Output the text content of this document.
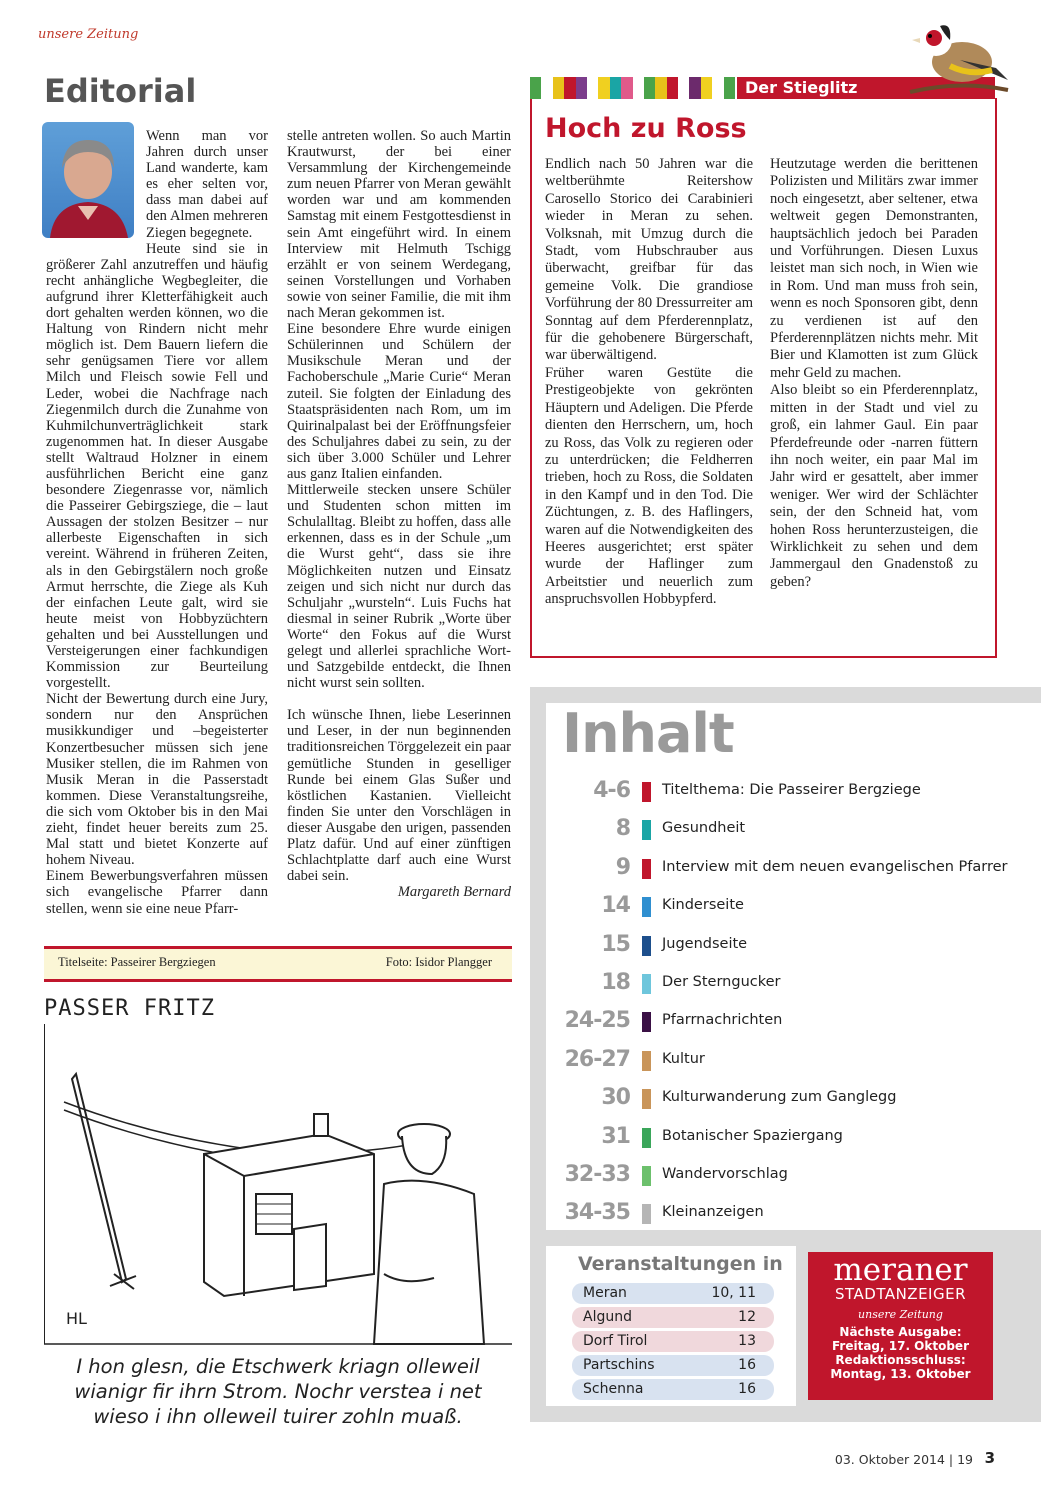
unsere Zeitung
Editorial

Wenn man vor Jahren durch unser Land wanderte, kam es eher selten vor, dass man dabei auf den Almen mehreren Ziegen begegnete.

Heute sind sie in größerer Zahl anzutreffen und häufig recht anhängliche Wegbegleiter, die aufgrund ihrer Kletterfähigkeit auch dort gehalten werden können, wo die Haltung von Rindern nicht mehr möglich ist. Dem Bauern liefern die sehr genügsamen Tiere vor allem Milch und Fleisch sowie Fell und Leder, wobei die Nachfrage nach Ziegenmilch durch die Zunahme von Kuhmilchunverträglichkeit stark zugenommen hat. In dieser Ausgabe stellt Waltraud Holzner in einem ausführlichen Bericht eine ganz besondere Ziegenrasse vor, nämlich die Passeirer Gebirgsziege, die – laut Aussagen der stolzen Besitzer – nur allerbeste Eigenschaften in sich vereint. Während in früheren Zeiten, als in den Gebirgstälern noch große Armut herrschte, die Ziege als Kuh der einfachen Leute galt, wird sie heute meist von Hobbyzüchtern gehalten und bei Ausstellungen und Versteigerungen einer fachkundigen Kommission zur Beurteilung vorgestellt.

Nicht der Bewertung durch eine Jury, sondern nur den Ansprüchen musikkundiger und –begeisterter Konzertbesucher müssen sich jene Musiker stellen, die im Rahmen von Musik Meran in die Passerstadt kommen. Diese Veranstaltungsreihe, die sich vom Oktober bis in den Mai zieht, findet heuer bereits zum 25. Mal statt und bietet Konzerte auf hohem Niveau.

Einem Bewerbungsverfahren müssen sich evangelische Pfarrer dann stellen, wenn sie eine neue Pfarr-

stelle antreten wollen. So auch Martin Krautwurst, der bei einer Versammlung der Kirchengemeinde zum neuen Pfarrer von Meran gewählt worden war und am kommenden Samstag mit einem Festgottesdienst in sein Amt eingeführt wird. In einem Interview mit Helmuth Tschigg erzählt er von seinem Werdegang, seinen Vorstellungen und Vorhaben sowie von seiner Familie, die mit ihm nach Meran gekommen ist.

Eine besondere Ehre wurde einigen Schülerinnen und Schülern der Musikschule Meran und der Fachoberschule „Marie Curie“ Meran zuteil. Sie folgten der Einladung des Staatspräsidenten nach Rom, um im Quirinalpalast bei der Eröffnungsfeier des Schuljahres dabei zu sein, zu der sich über 3.000 Schüler und Lehrer aus ganz Italien einfanden.

Mittlerweile stecken unsere Schüler und Studenten schon mitten im Schulalltag. Bleibt zu hoffen, dass alle erkennen, dass es in der Schule „um die Wurst geht“, dass sie ihre Möglichkeiten nutzen und Einsatz zeigen und sich nicht nur durch das Schuljahr „wursteln“. Luis Fuchs hat diesmal in seiner Rubrik „Worte über Worte“ den Fokus auf die Wurst gelegt und allerlei sprachliche Wort- und Satzgebilde entdeckt, die Ihnen nicht wurst sein sollten.

Ich wünsche Ihnen, liebe Leserinnen und Leser, in der nun beginnenden traditionsreichen Törggelezeit ein paar gemütliche Stunden in geselliger Runde bei einem Glas Sußer und köstlichen Kastanien. Vielleicht finden Sie unter den Vorschlägen in dieser Ausgabe den urigen, passenden Platz dafür. Und auf einer zünftigen Schlachtplatte darf auch eine Wurst dabei sein.

Margareth Bernard

Titelseite: Passeirer Bergziegen	Foto: Isidor Plangger
PASSER FRITZ
HL
I hon glesn, die Etschwerk kriagn olleweil
wianigr fir ihrn Strom. Nochr verstea i net
wieso i ihn olleweil tuirer zohln muaß.
Der Stieglitz
Hoch zu Ross

Endlich nach 50 Jahren war die weltberühmte Reitershow Carosello Storico dei Carabinieri wieder in Meran zu sehen. Volksnah, mit Umzug durch die Stadt, vom Hubschrauber aus überwacht, greifbar für das gemeine Volk. Die grandiose Vorführung der 80 Dressurreiter am Sonntag auf dem Pferderennplatz, für die gehobenere Bürgerschaft, war überwältigend.

Früher waren Gestüte die Prestigeobjekte von gekrönten Häuptern und Adeligen. Die Pferde dienten den Herrschern, um, hoch zu Ross, das Volk zu regieren oder zu unterdrücken; die Feldherren trieben, hoch zu Ross, die Soldaten in den Kampf und in den Tod. Die Züchtungen, z. B. des Haflingers, waren auf die Notwendigkeiten des Heeres ausgerichtet; erst später wurde der Haflinger zum Arbeitstier und neuerlich zum anspruchsvollen Hobbypferd.

Heutzutage werden die berittenen Polizisten und Militärs zwar immer noch eingesetzt, aber seltener, etwa weltweit gegen Demonstranten, hauptsächlich jedoch bei Paraden und Vorführungen. Diesen Luxus leistet man sich noch, in Wien wie in Rom. Und man muss froh sein, wenn es noch Sponsoren gibt, denn zu verdienen ist auf den Pferderennplätzen nichts mehr. Mit Bier und Klamotten ist zum Glück mehr Geld zu machen.

Also bleibt so ein Pferderennplatz, mitten in der Stadt und viel zu groß, ein lahmer Gaul. Ein paar Pferdefreunde oder -narren füttern ihn noch weiter, ein paar Mal im Jahr wird er gesattelt, aber immer weniger. Wer wird der Schlächter sein, der den Schneid hat, vom hohen Ross herunterzusteigen, die Wirklichkeit zu sehen und dem Jammergaul den Gnadenstoß zu geben?

Inhalt
4-6 Titelthema: Die Passeirer Bergziege
8 Gesundheit
9 Interview mit dem neuen evangelischen Pfarrer
14 Kinderseite
15 Jugendseite
18 Der Sterngucker
24-25 Pfarrnachrichten
26-27 Kultur
30 Kulturwanderung zum Ganglegg
31 Botanischer Spaziergang
32-33 Wandervorschlag
34-35 Kleinanzeigen
Veranstaltungen in
Meran	10, 11
Algund	12
Dorf Tirol	13
Partschins	16
Schenna	16
meraner
STADTANZEIGER
unsere Zeitung
Nächste Ausgabe:
Freitag, 17. Oktober
Redaktionsschluss:
Montag, 13. Oktober
03. Oktober 2014 | 19 3
